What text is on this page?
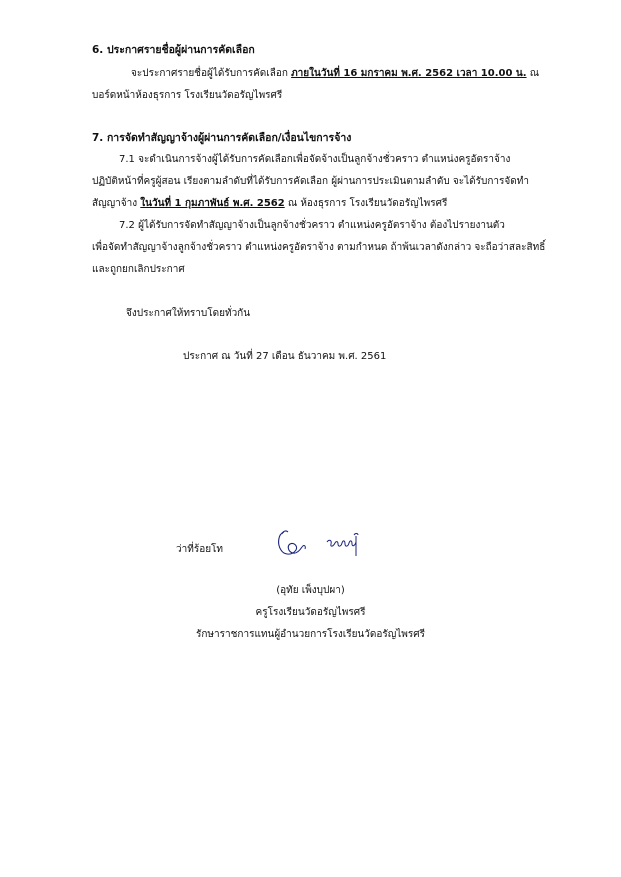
6. ประกาศรายชื่อผู้ผ่านการคัดเลือก
จะประกาศรายชื่อผู้ได้รับการคัดเลือก ภายในวันที่ 16 มกราคม พ.ศ. 2562 เวลา 10.00 น. ณ
บอร์ดหน้าห้องธุรการ โรงเรียนวัดอรัญไพรศรี
7. การจัดทำสัญญาจ้างผู้ผ่านการคัดเลือก/เงื่อนไขการจ้าง
7.1 จะดำเนินการจ้างผู้ได้รับการคัดเลือกเพื่อจัดจ้างเป็นลูกจ้างชั่วคราว ตำแหน่งครูอัตราจ้าง
ปฏิบัติหน้าที่ครูผู้สอน เรียงตามลำดับที่ได้รับการคัดเลือก ผู้ผ่านการประเมินตามลำดับ จะได้รับการจัดทำ
สัญญาจ้าง ในวันที่ 1 กุมภาพันธ์ พ.ศ. 2562 ณ ห้องธุรการ โรงเรียนวัดอรัญไพรศรี
7.2 ผู้ได้รับการจัดทำสัญญาจ้างเป็นลูกจ้างชั่วคราว ตำแหน่งครูอัตราจ้าง ต้องไปรายงานตัว
เพื่อจัดทำสัญญาจ้างลูกจ้างชั่วคราว ตำแหน่งครูอัตราจ้าง ตามกำหนด ถ้าพ้นเวลาดังกล่าว จะถือว่าสละสิทธิ์
และถูกยกเลิกประกาศ
จึงประกาศให้ทราบโดยทั่วกัน
ประกาศ ณ วันที่ 27 เดือน ธันวาคม พ.ศ. 2561
ว่าที่ร้อยโท
(อุทัย เพ็งบุปผา)
ครูโรงเรียนวัดอรัญไพรศรี
รักษาราชการแทนผู้อำนวยการโรงเรียนวัดอรัญไพรศรี
